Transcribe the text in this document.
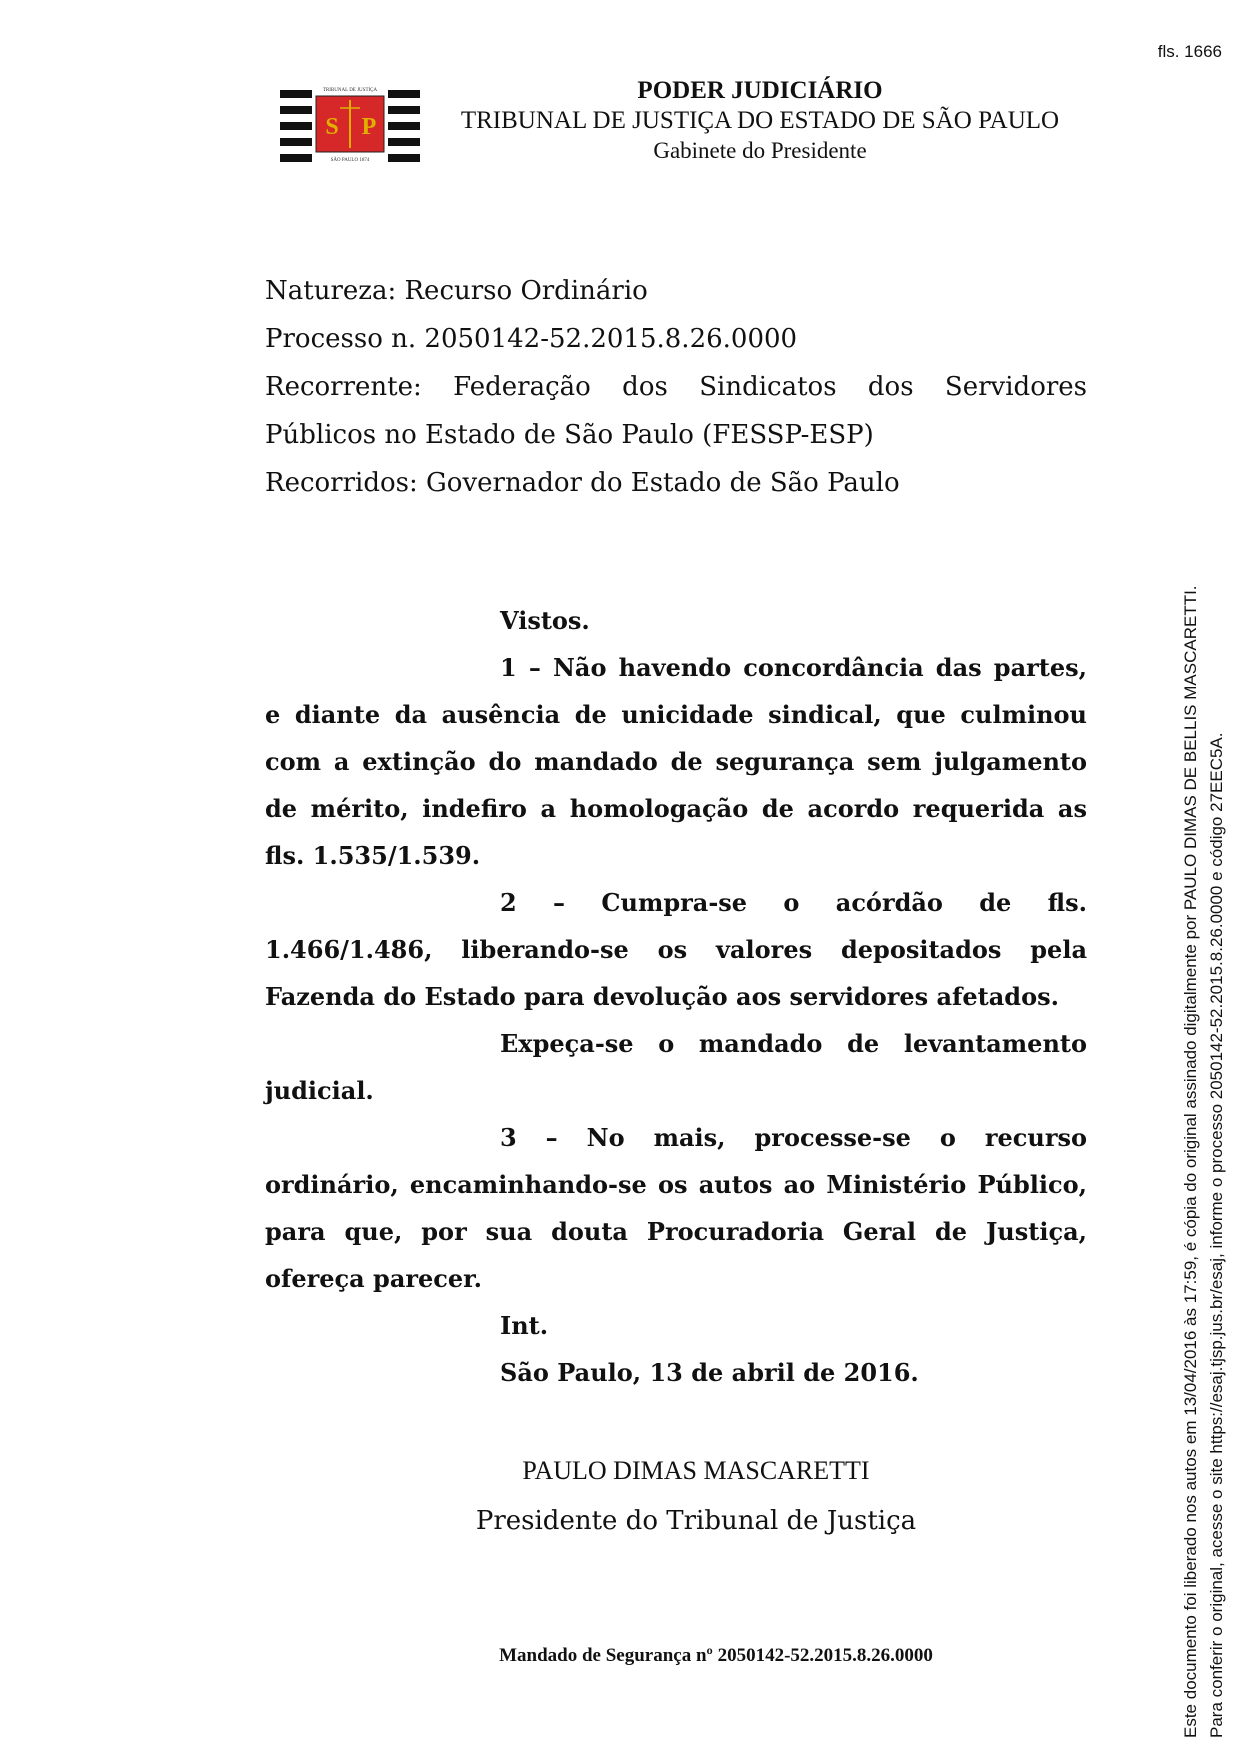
fls. 1666
TRIBUNAL DE JUSTIÇA
S P
SÃO PAULO 1874
PODER JUDICIÁRIO
TRIBUNAL DE JUSTIÇA DO ESTADO DE SÃO PAULO
Gabinete do Presidente
Natureza: Recurso Ordinário
Processo n. 2050142-52.2015.8.26.0000
Recorrente: Federação dos Sindicatos dos Servidores
Públicos no Estado de São Paulo (FESSP-ESP)
Recorridos: Governador do Estado de São Paulo

Vistos.

1 – Não havendo concordância das partes, e diante da ausência de unicidade sindical, que culminou com a extinção do mandado de segurança sem julgamento de mérito, indefiro a homologação de acordo requerida as fls. 1.535/1.539.

2 – Cumpra-se o acórdão de fls. 1.466/1.486, liberando-se os valores depositados pela Fazenda do Estado para devolução aos servidores afetados.

Expeça-se o mandado de levantamento judicial.

3 – No mais, processe-se o recurso ordinário, encaminhando-se os autos ao Ministério Público, para que, por sua douta Procuradoria Geral de Justiça, ofereça parecer.

Int.

São Paulo, 13 de abril de 2016.

PAULO DIMAS MASCARETTI
Presidente do Tribunal de Justiça
Mandado de Segurança nº 2050142-52.2015.8.26.0000	Este documento foi liberado nos autos em 13/04/2016 às 17:59, é cópia do original assinado digitalmente por PAULO DIMAS DE BELLIS MASCARETTI. Para conferir o original, acesse o site https://esaj.tjsp.jus.br/esaj, informe o processo 2050142-52.2015.8.26.0000 e código 27EEC5A.
